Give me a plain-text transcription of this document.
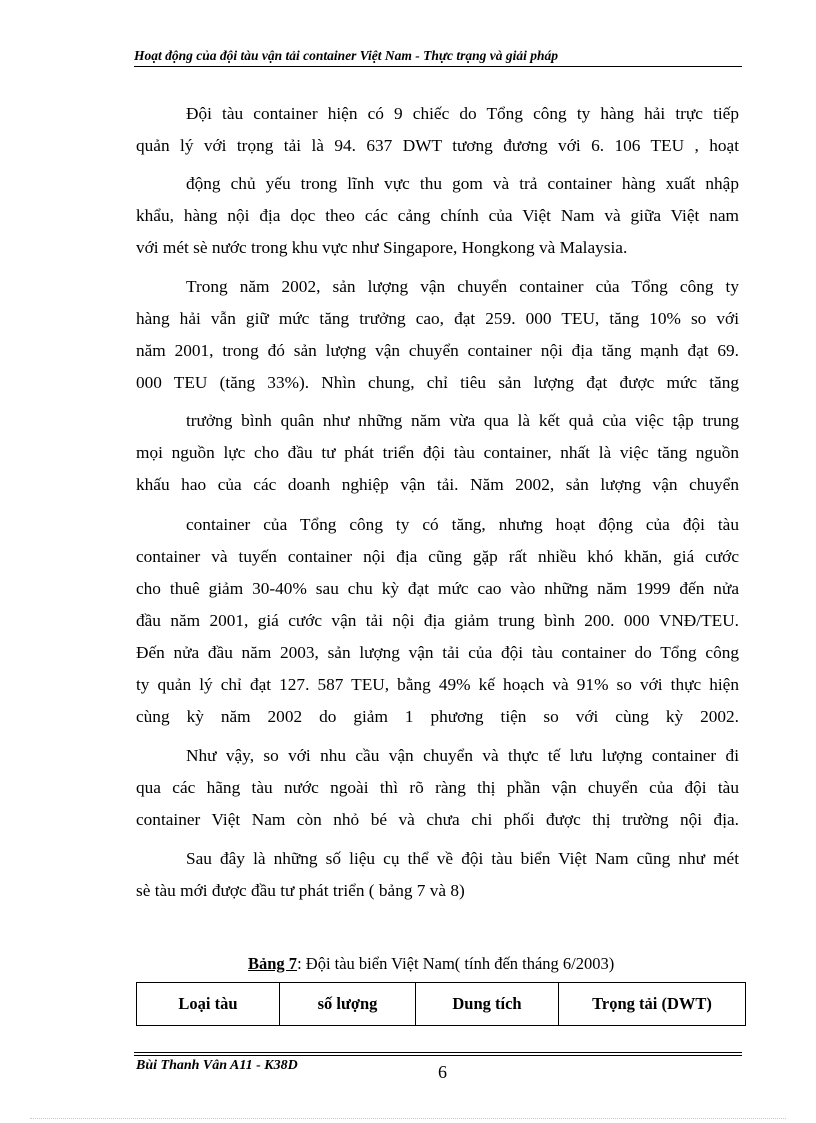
Hoạt động của đội tàu vận tải container Việt Nam - Thực trạng và giải pháp
Đội tàu container hiện có 9 chiếc do Tổng công ty hàng hải trực tiếp
quản lý với trọng tải là 94. 637 DWT tương đương với 6. 106 TEU , hoạt
động chủ yếu trong lĩnh vực thu gom và trả container hàng xuất nhập
khẩu, hàng nội địa dọc theo các cảng chính của Việt Nam và giữa Việt nam
với mét sè nước trong khu vực như Singapore, Hongkong và Malaysia.
Trong năm 2002, sản lượng vận chuyển container của Tổng công ty
hàng hải vẫn giữ mức tăng trưởng cao, đạt 259. 000 TEU, tăng 10% so với
năm 2001, trong đó sản lượng vận chuyển container nội địa tăng mạnh đạt 69.
000 TEU (tăng 33%). Nhìn chung, chỉ tiêu sản lượng đạt được mức tăng
trưởng bình quân như những năm vừa qua là kết quả của việc tập trung
mọi nguồn lực cho đầu tư phát triển đội tàu container, nhất là việc tăng nguồn
khấu hao của các doanh nghiệp vận tải. Năm 2002, sản lượng vận chuyển
container của Tổng công ty có tăng, nhưng hoạt động của đội tàu
container và tuyến container nội địa cũng gặp rất nhiều khó khăn, giá cước
cho thuê giảm 30-40% sau chu kỳ đạt mức cao vào những năm 1999 đến nửa
đầu năm 2001, giá cước vận tải nội địa giảm trung bình 200. 000 VNĐ/TEU.
Đến nửa đầu năm 2003, sản lượng vận tải của đội tàu container do Tổng công
ty quản lý chỉ đạt 127. 587 TEU, bằng 49% kế hoạch và 91% so với thực hiện
cùng kỳ năm 2002 do giảm 1 phương tiện so với cùng kỳ 2002.
Như vậy, so với nhu cầu vận chuyển và thực tế lưu lượng container đi
qua các hãng tàu nước ngoài thì rõ ràng thị phần vận chuyển của đội tàu
container Việt Nam còn nhỏ bé và chưa chi phối được thị trường nội địa.
Sau đây là những số liệu cụ thể về đội tàu biển Việt Nam cũng như mét
sè tàu mới được đầu tư phát triển ( bảng 7 và 8)
Bảng 7: Đội tàu biển Việt Nam( tính đến tháng 6/2003)
Loại tàu	số lượng	Dung tích	Trọng tải (DWT)
Bùi Thanh Vân A11 - K38D	6
